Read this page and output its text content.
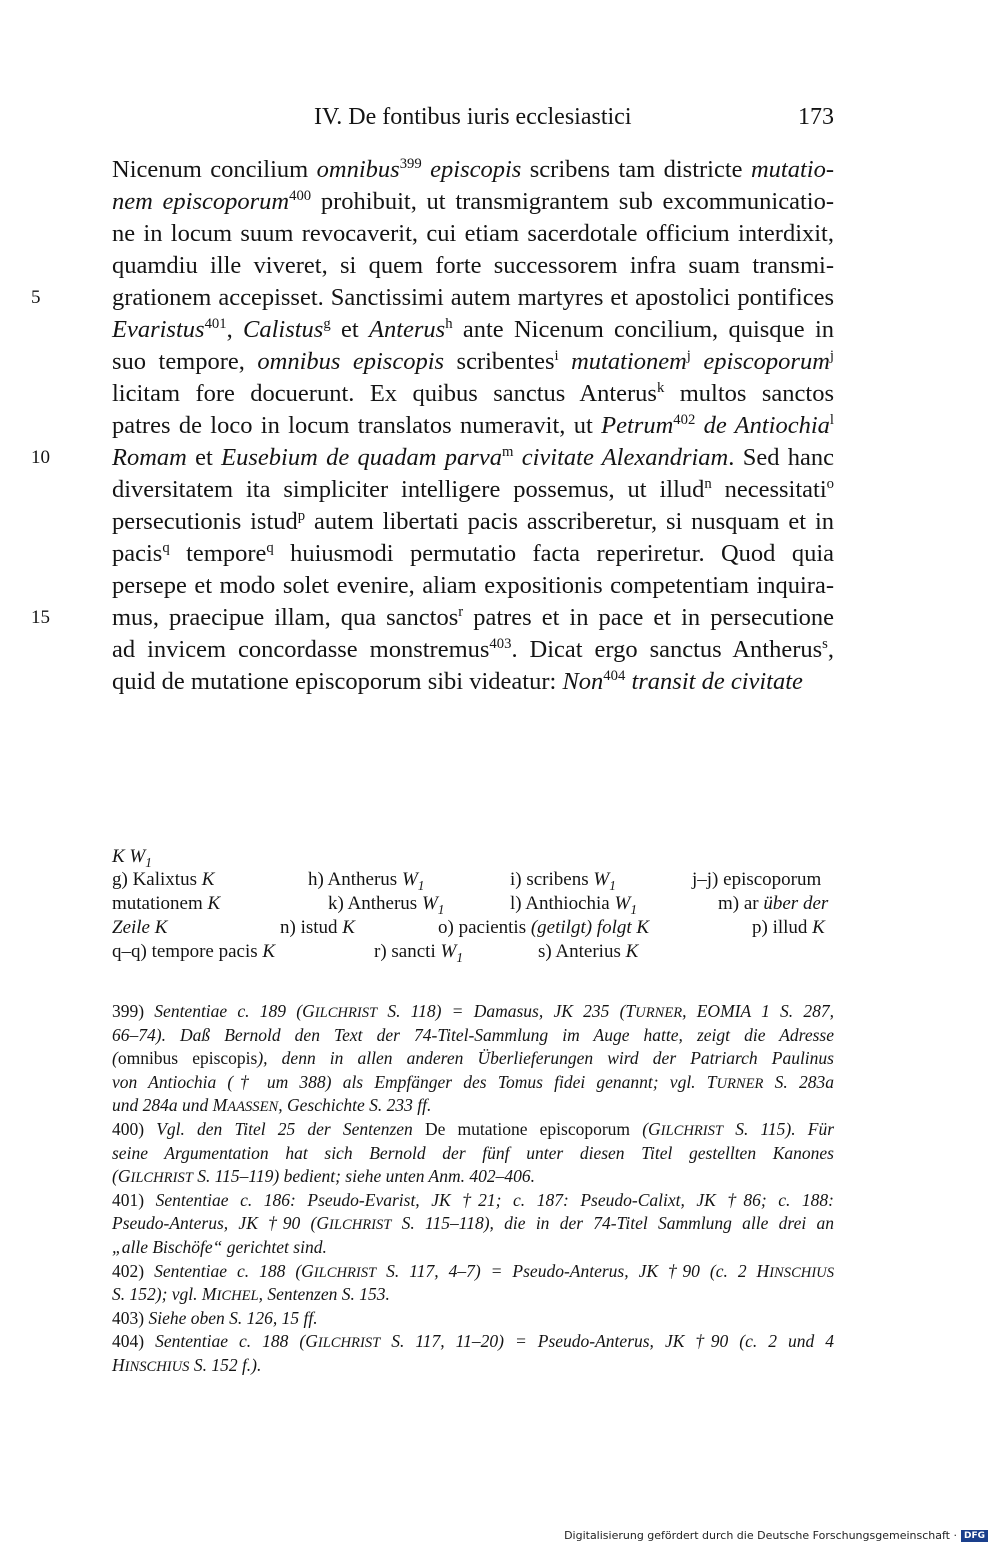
IV. De fontibus iuris ecclesiastici	173
Nicenum concilium omnibus$^{399}$ episcopis scribens tam districte mutatio-
nem episcoporum$^{400}$ prohibuit, ut transmigrantem sub excommunicatio-
ne in locum suum revocaverit, cui etiam sacerdotale officium interdixit,
quamdiu ille viveret, si quem forte successorem infra suam transmi-
5	grationem accepisset. Sanctissimi autem martyres et apostolici pontifices
Evaristus$^{401}$, Calistus$^g$ et Anterus$^h$ ante Nicenum concilium, quisque in
suo tempore, omnibus episcopis scribentes$^i$ mutationem$^j$ episcoporum$^j$
licitam fore docuerunt. Ex quibus sanctus Anterus$^k$ multos sanctos
patres de loco in locum translatos numeravit, ut Petrum$^{402}$ de Antiochia$^l$
10	Romam et Eusebium de quadam parva$^m$ civitate Alexandriam. Sed hanc
diversitatem ita simpliciter intelligere possemus, ut illud$^n$ necessitati$^o$
persecutionis istud$^p$ autem libertati pacis asscriberetur, si nusquam et in
pacis$^q$ tempore$^q$ huiusmodi permutatio facta reperiretur. Quod quia
persepe et modo solet evenire, aliam expositionis competentiam inquira-
15	mus, praecipue illam, qua sanctos$^r$ patres et in pace et in persecutione
ad invicem concordasse monstremus$^{403}$. Dicat ergo sanctus Antherus$^s$,
quid de mutatione episcoporum sibi videatur: Non$^{404}$ transit de civitate
K $W_1$
g) Kalixtus K	h) Antherus $W_1$	i) scribens $W_1$	j–j) episcoporum
mutationem K	k) Antherus $W_1$	l) Anthiochia $W_1$	m) ar über der
Zeile K	n) istud K	o) pacientis (getilgt) folgt K	p) illud K
q–q) tempore pacis K	r) sancti $W_1$	s) Anterius K
399) Sententiae c. 189 (GILCHRIST S. 118) = Damasus, JK 235 (TURNER, EOMIA 1 S. 287,
66–74). Daß Bernold den Text der 74-Titel-Sammlung im Auge hatte, zeigt die Adresse
(omnibus episcopis), denn in allen anderen Überlieferungen wird der Patriarch Paulinus
von Antiochia († um 388) als Empfänger des Tomus fidei genannt; vgl. TURNER S. 283a
und 284a und MAASSEN, Geschichte S. 233 ff.
400) Vgl. den Titel 25 der Sentenzen De mutatione episcoporum (GILCHRIST S. 115). Für
seine Argumentation hat sich Bernold der fünf unter diesen Titel gestellten Kanones
(GILCHRIST S. 115–119) bedient; siehe unten Anm. 402–406.
401) Sententiae c. 186: Pseudo-Evarist, JK †21; c. 187: Pseudo-Calixt, JK †86; c. 188:
Pseudo-Anterus, JK †90 (GILCHRIST S. 115–118), die in der 74-Titel Sammlung alle drei an
„alle Bischöfe“ gerichtet sind.
402) Sententiae c. 188 (GILCHRIST S. 117, 4–7) = Pseudo-Anterus, JK †90 (c. 2 HINSCHIUS
S. 152); vgl. MICHEL, Sentenzen S. 153.
403) Siehe oben S. 126, 15 ff.
404) Sententiae c. 188 (GILCHRIST S. 117, 11–20) = Pseudo-Anterus, JK †90 (c. 2 und 4
HINSCHIUS S. 152 f.).
Digitalisierung gefördert durch die Deutsche Forschungsgemeinschaft · DFG
